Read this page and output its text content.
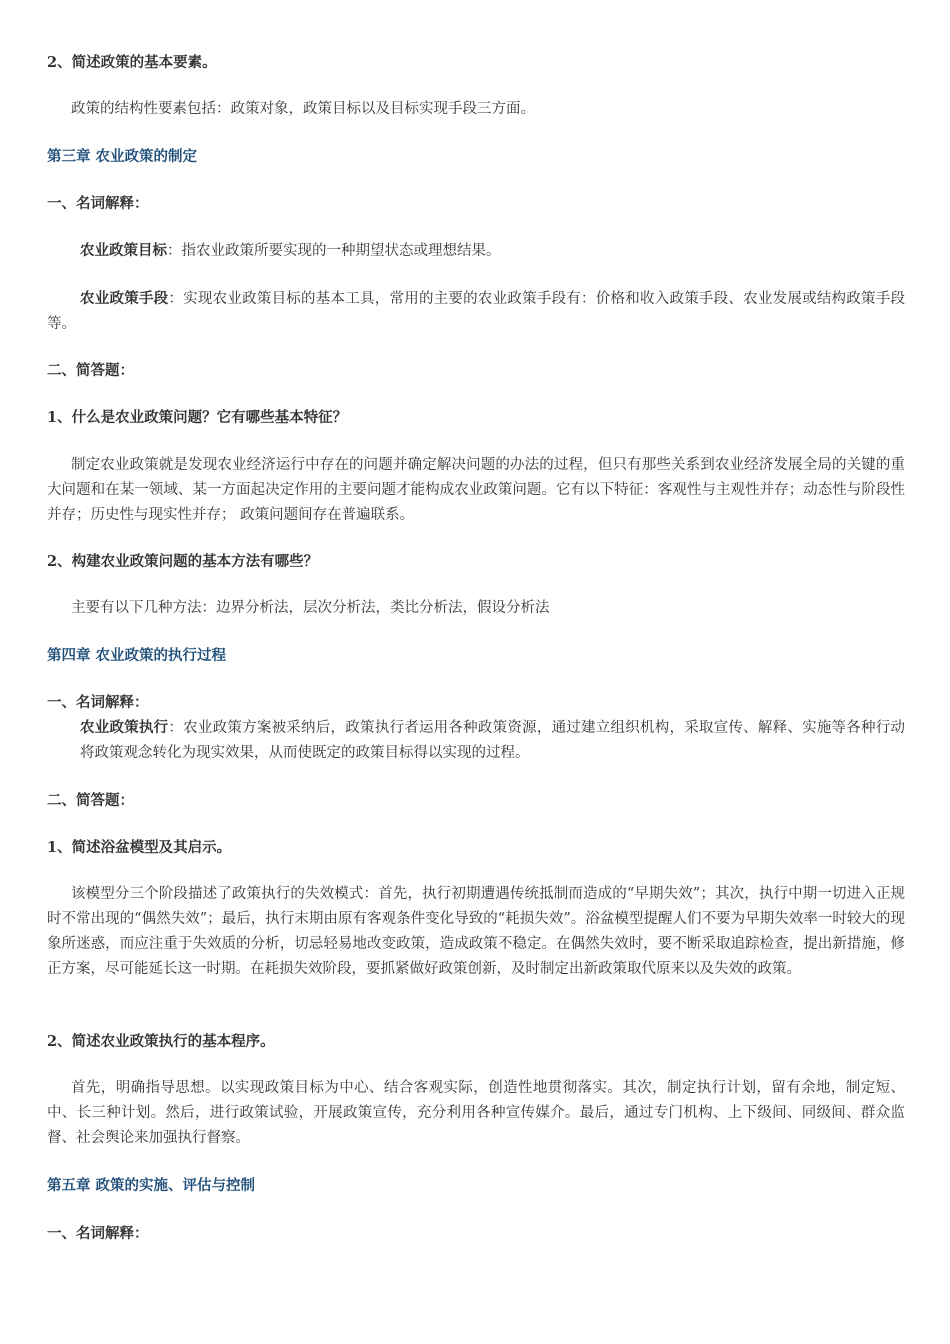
2、简述政策的基本要素。

政策的结构性要素包括：政策对象，政策目标以及目标实现手段三方面。

第三章 农业政策的制定

一、名词解释：

农业政策目标：指农业政策所要实现的一种期望状态或理想结果。

农业政策手段：实现农业政策目标的基本工具，常用的主要的农业政策手段有：价格和收入政策手段、农业发展或结构政策手段等。

二、简答题：

1、什么是农业政策问题？它有哪些基本特征？

制定农业政策就是发现农业经济运行中存在的问题并确定解决问题的办法的过程，但只有那些关系到农业经济发展全局的关键的重大问题和在某一领域、某一方面起决定作用的主要问题才能构成农业政策问题。它有以下特征：客观性与主观性并存；动态性与阶段性并存；历史性与现实性并存； 政策问题间存在普遍联系。

2、构建农业政策问题的基本方法有哪些？

主要有以下几种方法：边界分析法，层次分析法，类比分析法，假设分析法

第四章 农业政策的执行过程

一、名词解释：

农业政策执行：农业政策方案被采纳后，政策执行者运用各种政策资源，通过建立组织机构，采取宣传、解释、实施等各种行动将政策观念转化为现实效果，从而使既定的政策目标得以实现的过程。

二、简答题：

1、简述浴盆模型及其启示。

该模型分三个阶段描述了政策执行的失效模式：首先，执行初期遭遇传统抵制而造成的“早期失效”；其次，执行中期一切进入正规时不常出现的“偶然失效”；最后，执行末期由原有客观条件变化导致的“耗损失效”。浴盆模型提醒人们不要为早期失效率一时较大的现象所迷惑，而应注重于失效质的分析，切忌轻易地改变政策，造成政策不稳定。在偶然失效时，要不断采取追踪检查，提出新措施，修正方案，尽可能延长这一时期。在耗损失效阶段，要抓紧做好政策创新，及时制定出新政策取代原来以及失效的政策。

2、简述农业政策执行的基本程序。

首先，明确指导思想。以实现政策目标为中心、结合客观实际，创造性地贯彻落实。其次，制定执行计划，留有余地，制定短、中、长三种计划。然后，进行政策试验，开展政策宣传，充分利用各种宣传媒介。最后，通过专门机构、上下级间、同级间、群众监督、社会舆论来加强执行督察。

第五章 政策的实施、评估与控制

一、名词解释：
